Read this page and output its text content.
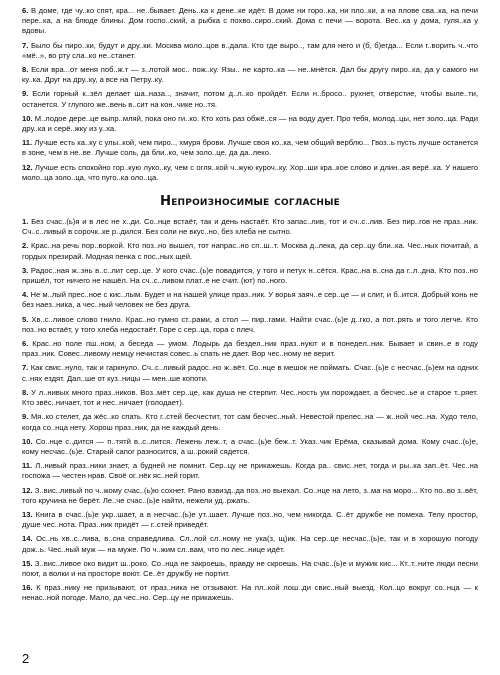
6. В доме, где чу..ко спят, кра... не..бывает. День..ка к дене..ке идёт. В доме ни горо..ка, ни пло..ки, а на плове сва..ка, на печи пере..ка, а на блюде блины. Дом госпо..ский, а рыбка с похво..сиро..ский. Дома с печи — ворота. Вес..ка у дома, гуля..ка у вдовы.

7. Было бы пиро..ки, будут и дру..ки. Москва моло..цов в..дала. Кто где выро.., там для него и (б, б)егда... Если г..ворить ч..что «мё..», во рту сла..ко не..станет.

8. Если вра...от меня поб..ж.т — з..лотой мос.. пож..ку. Язы.. не карто..ка — не..мнётся. Дал бы другу пиро..ка, да у самого ни ку..ка. Друг на дру..ку, а все на Петру..ку.

9. Если горный к..зёл делает ша..наза.., значит, потом д..л..ко пройдёт. Если н..бросо.. рухнет, отверстие, чтобы выле..ти, останется. У глупого же..вень в..сит на кон..чике но..тя.

10. М..лодое дере..це выпр..мляй, пока оно ги..ко. Кто хоть раз обжё..ся — на воду дует. Про тебя, молод..цы, нет золо..ца. Ради дру..ка и серё..жку из у..ха.

11. Лучше есть ка..ку с улы..кой, чем пиро.., хмуря брови. Лучше своя ко..ка, чем общий верблю... Гвоз..ь пусть лучше останется в зоне, чем в не..ве. Лучше соль, да бли..ко, чем золо..це, да да..леко.

12. Лучше есть спокойно гор..кую луко..ку, чем с огля..кой ч..жую куроч..ку. Хор..ши кра..кое слово и длин..ая верё..ка. У нашего моло..ца золо..ца, что пуго..ка оло..ца.

Непроизносимые согласные

1. Без счас..(ь)я и в лес не х..ди. Со..нце встаёт, так и день настаёт. Кто запас..лив, тот и сч..с..лив. Без пир..гов не праз..ник. Сч..с..ливый в сорочк..ке р..дился. Без соли не вкус..но, без хлеба не сытно.

2. Крас..на речь пор..воркой. Кто поз..но вышел, тот напрас..но сп..ш..т. Москва д..лека, да сер..цу бли..ка. Чес..ных почитай, а гордых презирай. Модная пенка с пос..ных щей.

3. Радос..ная ж..знь в..с..лит сер..це. У кого счас..(ь)е повадится, у того и петух н..сётся. Крас..на в..сна да г..л..дна. Кто поз..но пришёл, тот ничего не нашёл. На сч..с..ливом плат..е не счит..(ют) по..ного.

4. Не м..лый прес..ное с кис..лым. Будет и на нашей улице праз..ник. У ворья заяч..е сер..це — и слит, и б..ится. Добрый конь не без наез..ника, а чес..ный человек не без друга.

5. Хв..с..ливое слово гнило. Крас..но гумно ст..рами, а стол — пир..гами. Найти счас..(ь)е д..гко, а пот..рять и того легче. Кто поз..но встаёт, у того хлеба недостаёт. Горе с сер..ца, гора с плеч.

6. Крас..но поле пш..ном, а беседа — умом. Лодырь да бездел..ник праз..нуют и в понедел..ник. Бывает и свин..е в году праз..ник. Совес..ливому немцу нечистая совес..ь спать не дает. Вор чес..ному не верит.

7. Как свис..нуло, так и гаркнуло. Сч..с..ливый радос..но ж..вёт. Со..нце в мешок не поймать. Счас..(ь)е с несчас..(ь)ем на одних с..нях ездят. Дал..ше от куз..ницы — мен..ше копоти.

8. У л..нивых много праз..ников. Воз..мёт сер..це, как душа не стерпит. Чес..ность ум порождает, а бесчес..ье и старое т..ряет. Кто звёс..ничает, тот и нес..ничает (голодает).

9. Мя..ко стелет, да жёс..ко спать. Кто г..стей бесчестит, тот сам бесчес..ный. Невестой прелес..на — ж..ной чес..на. Худо тело, когда со..нца нету. Хорош праз..ник, да не каждый день.

10. Со..нце с..дится — п..тятй в..с..лится. Лежень леж..т, а счас..(ь)е беж..т. Указ..чик Ерёма, сказывай дома. Кому счас..(ь)е, кому несчас..(ь)е. Старый сапог разносится, а ш..рокий сядется.

11. Л..нивый праз..ники знает, а будней не помнит. Сер..цу не прикажешь. Когда ра.. свис..нет, тогда и ры..ка зап..ёт. Чес..на госпожа — честен нрав. Своё ог..нёк яс..ней горит.

12. З..вис..ливый по ч..жому счас..(ь)ю сохнет. Рано взвизд..да поз..но выехал. Со..нце на лето, з..ма на моро... Кто по..во з..вёт, того кручина не берёт. Ле..че счас..(ь)е найти, нежели уд..ржать.

13. Книга в счас..(ь)е укр..шает, а в несчас..(ь)е ут..шает. Лучше поз..но, чем никогда. С..ёт дружбе не помеха. Телу простор, душе чес..нота. Праз..ник придёт — г..стей приведёт.

14. Ос..нь хв..с..лива, в..сна справедлива. Сл..лой сл..ному не ука(з, щ)ик. На сер..це несчас..(ь)е, так и в хорошую погоду дож..ь. Чес..ный муж — на муже. По ч..жим сл..вам, что по лес..нице идёт.

15. З..вис..ливое око видит ш..роко. Со..нца не закроешь, правду не скроешь. На счас..(ь)е и мужик кис... Кт..т..ните люди песни поют, а волки и на просторе воют. Се..ёт дружбу не портит.

16. К праз..нику не призывают, от праз..ника не отзывают. На пл..кой лош..ди свис..ный выезд. Кол..цо вокруг со..нца — к ненас..ной погоде. Мало, да чес..но. Сер..цу не прикажешь.

2
